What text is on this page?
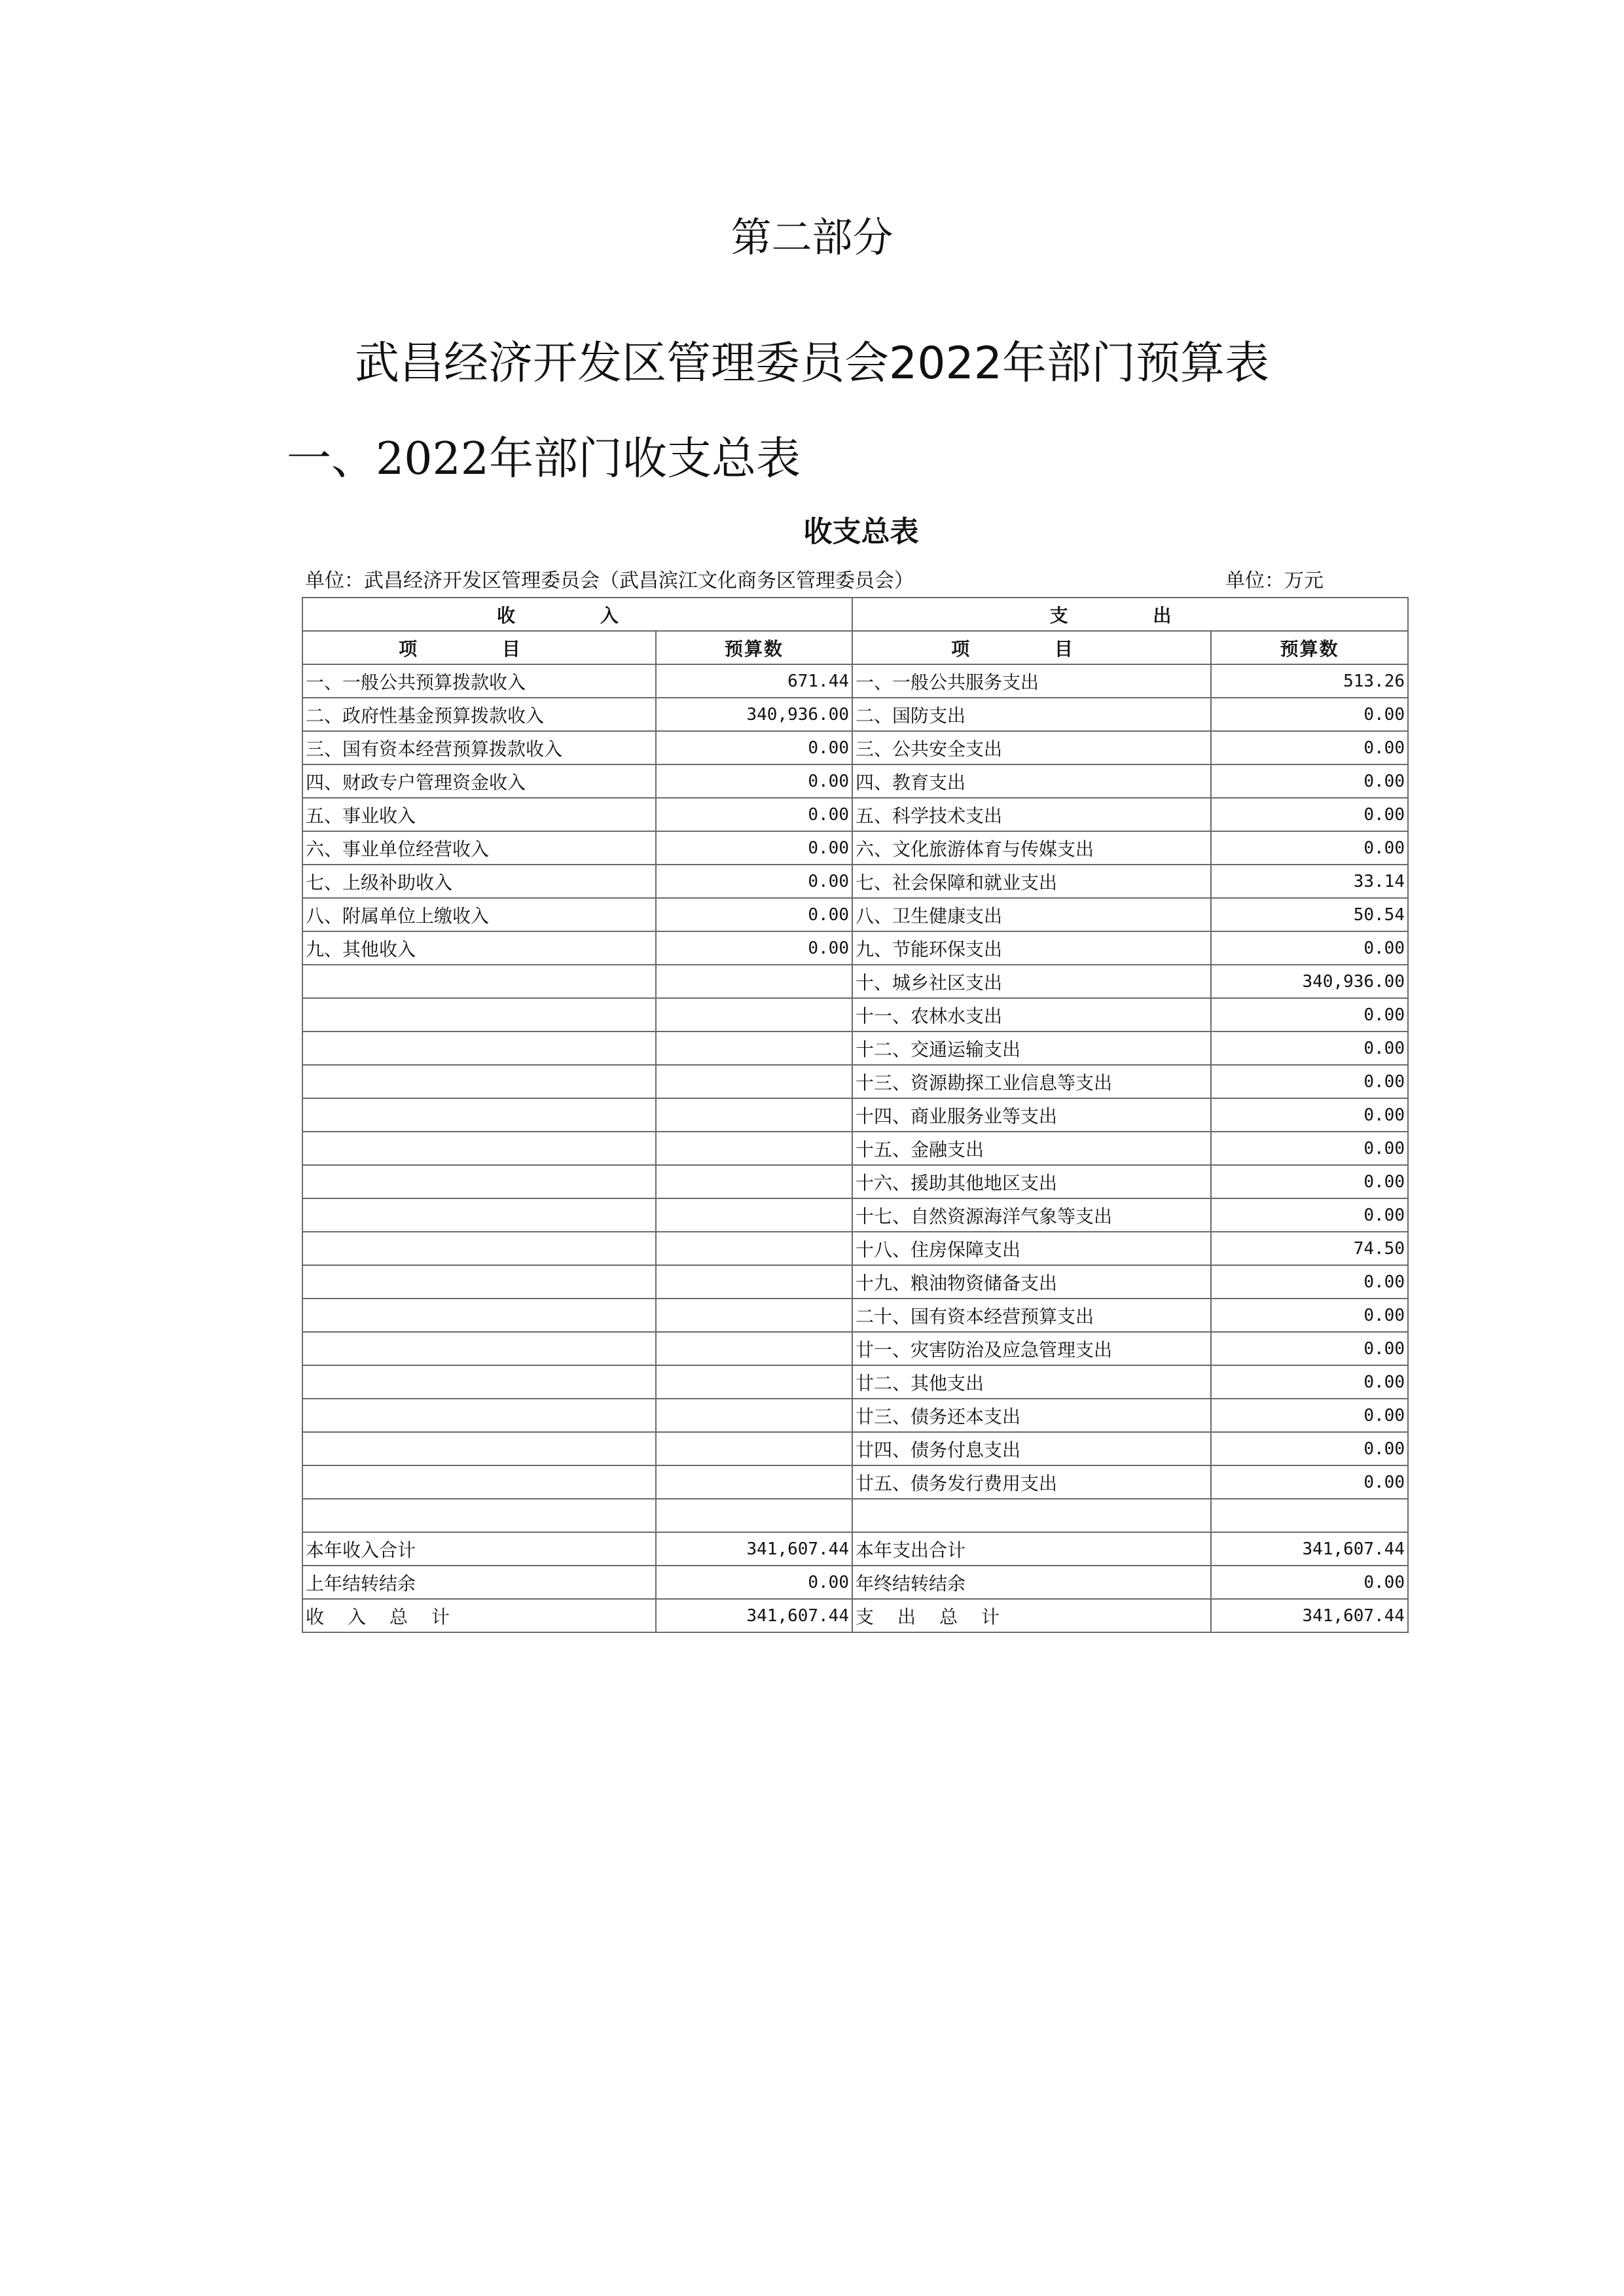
第二部分
武昌经济开发区管理委员会2022年部门预算表
一、2022年部门收支总表
收支总表
单位：武昌经济开发区管理委员会（武昌滨江文化商务区管理委员会）	单位：万元
收 入		支 出	
项 目	预算数	项 目	预算数
一、一般公共预算拨款收入	671.44	一、一般公共服务支出	513.26
二、政府性基金预算拨款收入	340,936.00	二、国防支出	0.00
三、国有资本经营预算拨款收入	0.00	三、公共安全支出	0.00
四、财政专户管理资金收入	0.00	四、教育支出	0.00
五、事业收入	0.00	五、科学技术支出	0.00
六、事业单位经营收入	0.00	六、文化旅游体育与传媒支出	0.00
七、上级补助收入	0.00	七、社会保障和就业支出	33.14
八、附属单位上缴收入	0.00	八、卫生健康支出	50.54
九、其他收入	0.00	九、节能环保支出	0.00
		十、城乡社区支出	340,936.00
		十一、农林水支出	0.00
		十二、交通运输支出	0.00
		十三、资源勘探工业信息等支出	0.00
		十四、商业服务业等支出	0.00
		十五、金融支出	0.00
		十六、援助其他地区支出	0.00
		十七、自然资源海洋气象等支出	0.00
		十八、住房保障支出	74.50
		十九、粮油物资储备支出	0.00
		二十、国有资本经营预算支出	0.00
		廿一、灾害防治及应急管理支出	0.00
		廿二、其他支出	0.00
		廿三、债务还本支出	0.00
		廿四、债务付息支出	0.00
		廿五、债务发行费用支出	0.00

本年收入合计	341,607.44	本年支出合计	341,607.44
上年结转结余	0.00	年终结转结余	0.00
收入总计	341,607.44	支出总计	341,607.44
